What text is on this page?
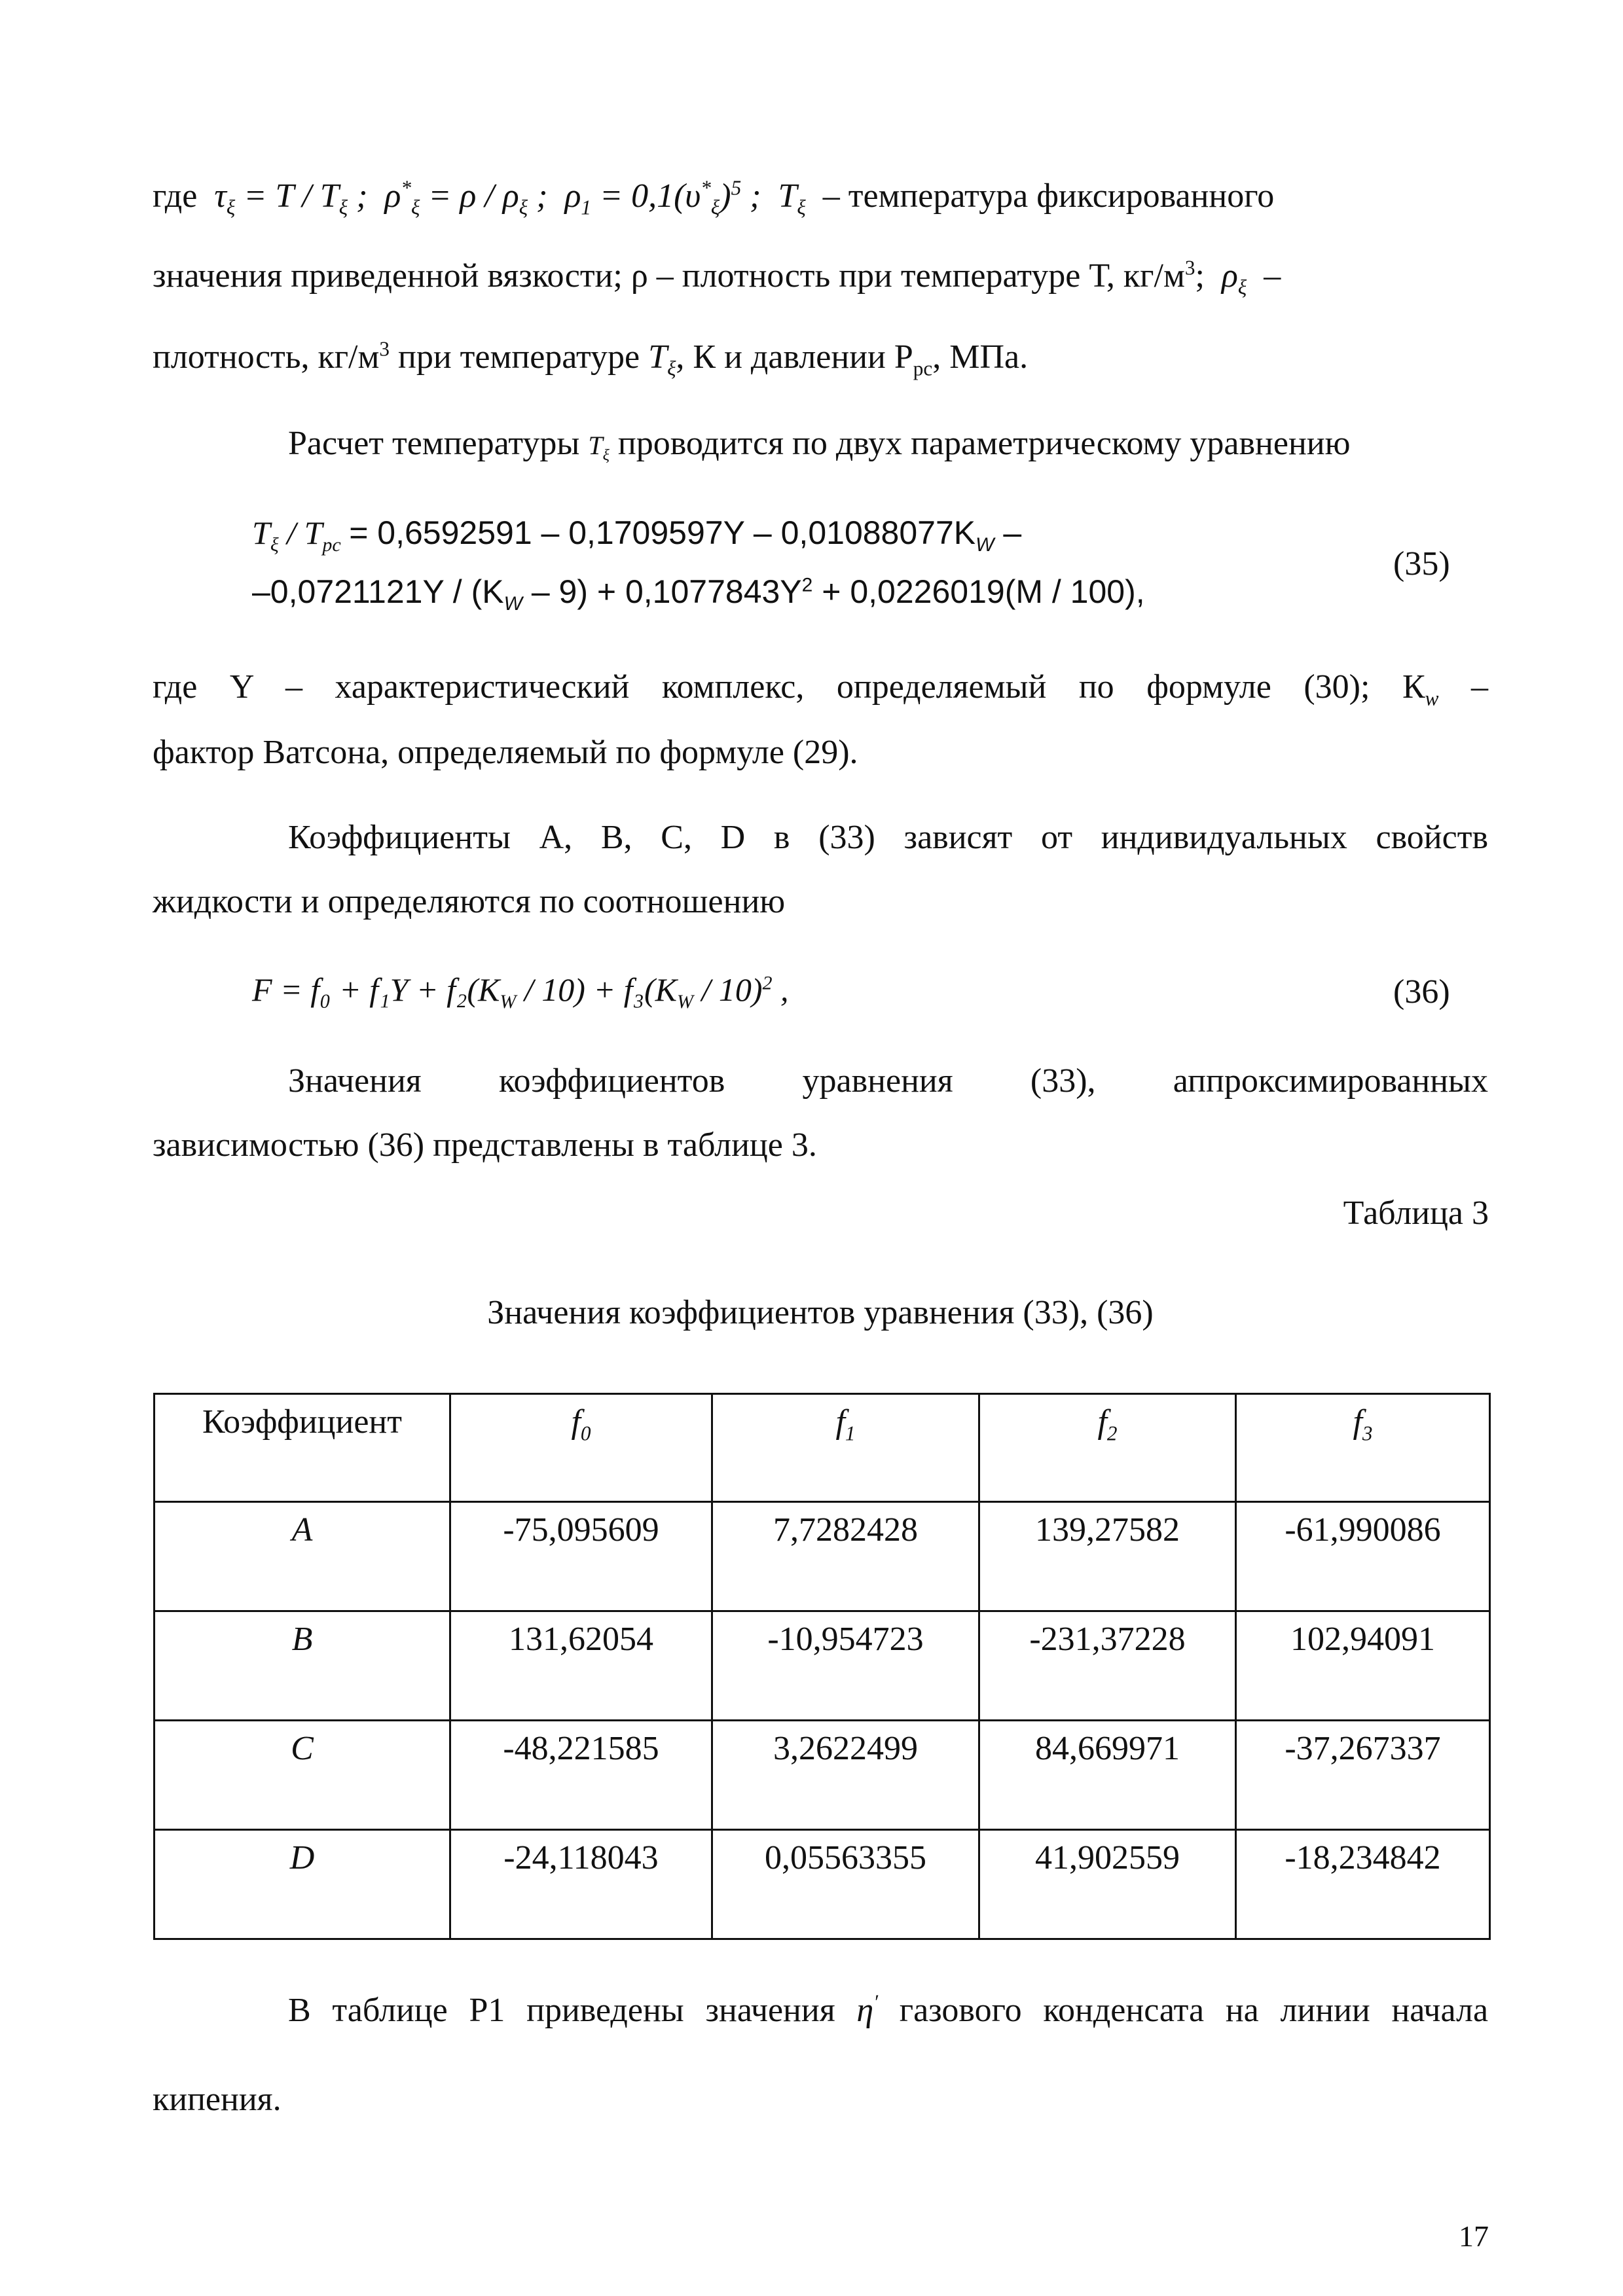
где  $\tau_\xi = T / T_\xi$ ;  $\rho^*_\xi = \rho / \rho_\xi$ ;  $\rho_1 = 0,1(\upsilon^*_\xi)^5$ ;  $T_\xi$ – температура фиксированного
значения приведенной вязкости; ρ – плотность при температуре Т, $кг/м^3$;  $\rho_\xi$ –
плотность, $кг/м^3$ при температуре $T_\xi$, К и давлении $Р_{рс}$, МПа.
Расчет температуры $T_\xi$ проводится по двух параметрическому уравнению
$T_\xi / T_{pc} = 0,6592591 - 0,1709597Y - 0,01088077K_W$ –
$-0,0721121Y / (K_W - 9) + 0,1077843Y^2 + 0,0226019(M / 100)$,
(35)
где Y – характеристический комплекс, определяемый по формуле (30); $К_w$ –
фактор Ватсона, определяемый по формуле (29).
Коэффициенты A, B, C, D в (33) зависят от индивидуальных свойств
жидкости и определяются по соотношению
$F = f_0 + f_1Y + f_2(K_W / 10) + f_3(K_W / 10)^2$ ,	(36)
Значения коэффициентов уравнения (33), аппроксимированных
зависимостью (36) представлены в таблице 3.
Таблица 3
Значения коэффициентов уравнения (33), (36)
Коэффициент	$f_0$	$f_1$	$f_2$	$f_3$
A	-75,095609	7,7282428	139,27582	-61,990086
B	131,62054	-10,954723	-231,37228	102,94091
C	-48,221585	3,2622499	84,669971	-37,267337
D	-24,118043	0,05563355	41,902559	-18,234842
В таблице Р1 приведены значения η′ газового конденсата на линии начала
кипения.
17
